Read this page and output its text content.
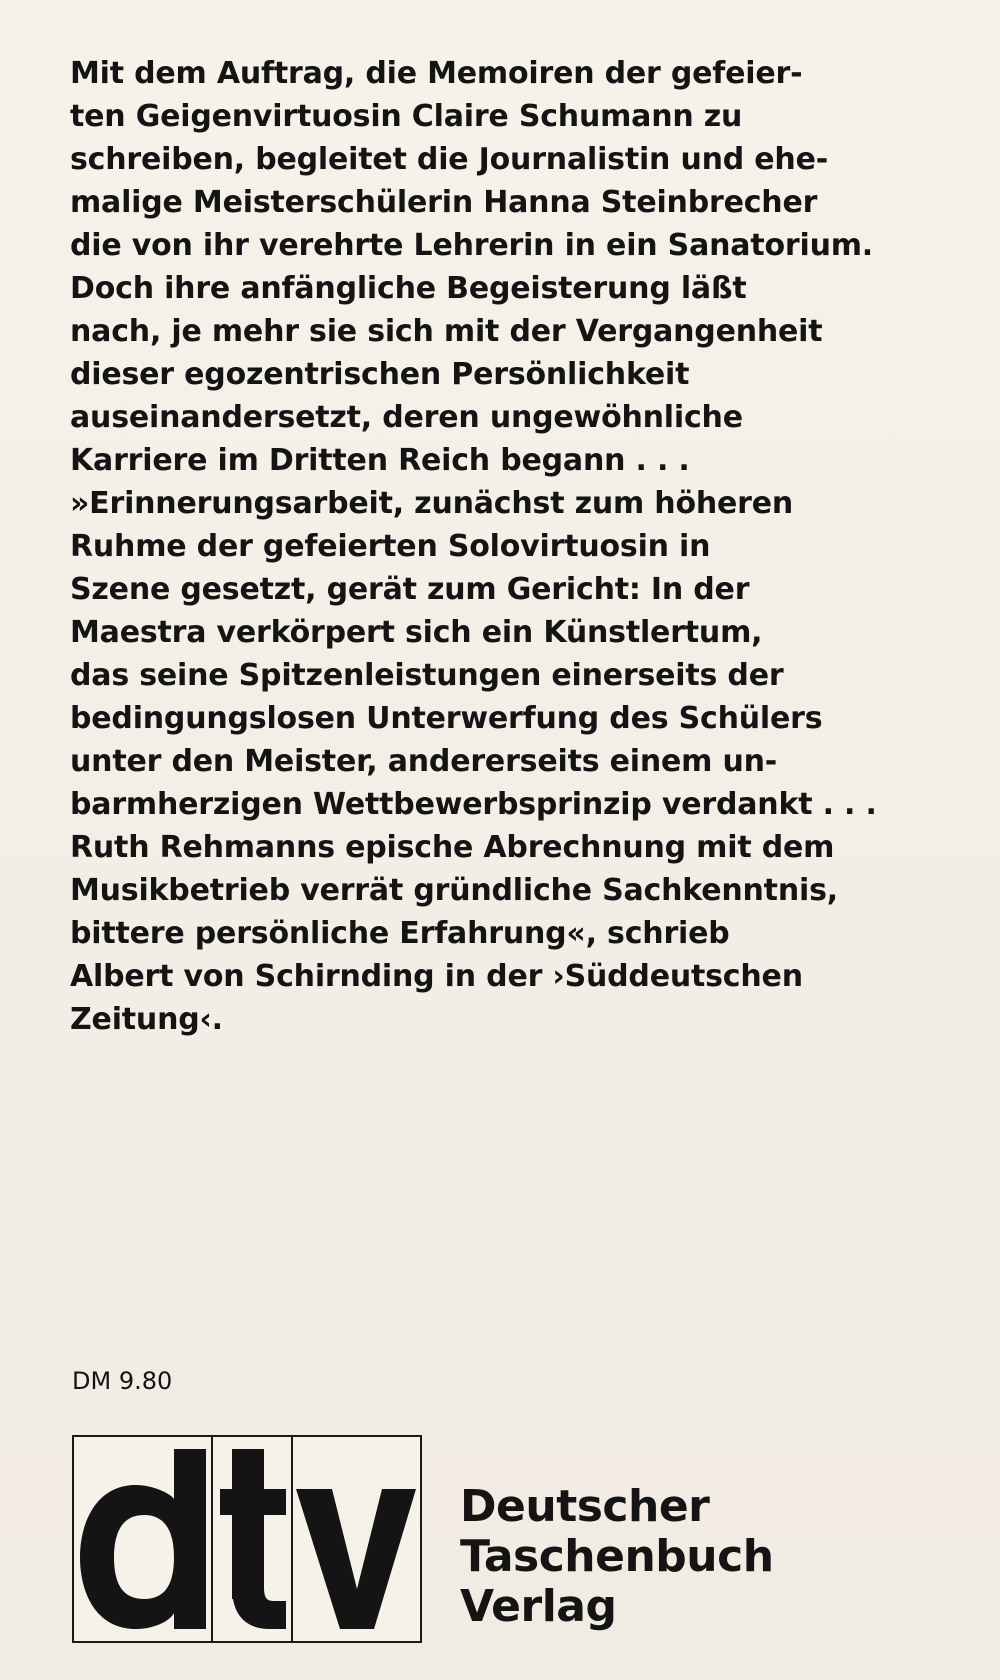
Mit dem Auftrag, die Memoiren der gefeier-
ten Geigenvirtuosin Claire Schumann zu
schreiben, begleitet die Journalistin und ehe-
malige Meisterschülerin Hanna Steinbrecher
die von ihr verehrte Lehrerin in ein Sanatorium.
Doch ihre anfängliche Begeisterung läßt
nach, je mehr sie sich mit der Vergangenheit
dieser egozentrischen Persönlichkeit
auseinandersetzt, deren ungewöhnliche
Karriere im Dritten Reich begann . . .
»Erinnerungsarbeit, zunächst zum höheren
Ruhme der gefeierten Solovirtuosin in
Szene gesetzt, gerät zum Gericht: In der
Maestra verkörpert sich ein Künstlertum,
das seine Spitzenleistungen einerseits der
bedingungslosen Unterwerfung des Schülers
unter den Meister, andererseits einem un-
barmherzigen Wettbewerbsprinzip verdankt . . .
Ruth Rehmanns epische Abrechnung mit dem
Musikbetrieb verrät gründliche Sachkenntnis,
bittere persönliche Erfahrung«, schrieb
Albert von Schirnding in der ›Süddeutschen
Zeitung‹.
DM 9.80
Deutscher
Taschenbuch
Verlag
